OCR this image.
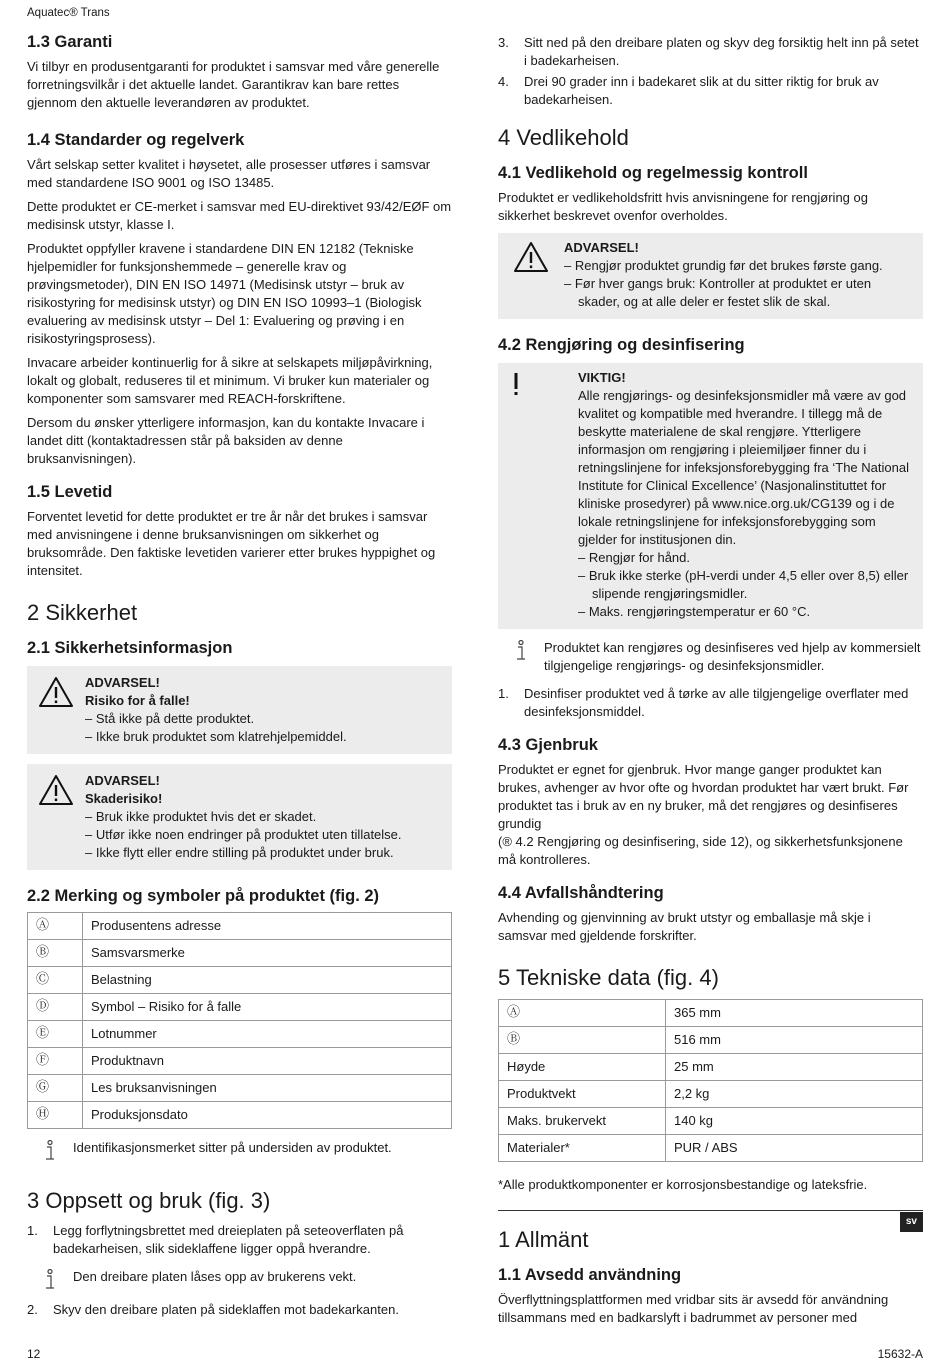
Aquatec® Trans
1.3 Garanti

Vi tilbyr en produsentgaranti for produktet i samsvar med våre generelle forretningsvilkår i det aktuelle landet. Garantikrav kan bare rettes gjennom den aktuelle leverandøren av produktet.

1.4 Standarder og regelverk

Vårt selskap setter kvalitet i høysetet, alle prosesser utføres i samsvar med standardene ISO 9001 og ISO 13485.

Dette produktet er CE-merket i samsvar med EU-direktivet 93/42/EØF om medisinsk utstyr, klasse I.

Produktet oppfyller kravene i standardene DIN EN 12182 (Tekniske hjelpemidler for funksjonshemmede – generelle krav og prøvingsmetoder), DIN EN ISO 14971 (Medisinsk utstyr – bruk av risikostyring for medisinsk utstyr) og DIN EN ISO 10993–1 (Biologisk evaluering av medisinsk utstyr – Del 1: Evaluering og prøving i en risikostyringsprosess).

Invacare arbeider kontinuerlig for å sikre at selskapets miljøpåvirkning, lokalt og globalt, reduseres til et minimum. Vi bruker kun materialer og komponenter som samsvarer med REACH-forskriftene.

Dersom du ønsker ytterligere informasjon, kan du kontakte Invacare i landet ditt (kontaktadressen står på baksiden av denne bruksanvisningen).

1.5 Levetid

Forventet levetid for dette produktet er tre år når det brukes i samsvar med anvisningene i denne bruksanvisningen om sikkerhet og bruksområde. Den faktiske levetiden varierer etter brukes hyppighet og intensitet.

2 Sikkerhet
2.1 Sikkerhetsinformasjon
ADVARSEL!
Risiko for å falle!
– Stå ikke på dette produktet.
– Ikke bruk produktet som klatrehjelpemiddel.
ADVARSEL!
Skaderisiko!
– Bruk ikke produktet hvis det er skadet.
– Utfør ikke noen endringer på produktet uten tillatelse.
– Ikke flytt eller endre stilling på produktet under bruk.
2.2 Merking og symboler på produktet (fig. 2)
Ⓐ	Produsentens adresse
Ⓑ	Samsvarsmerke
Ⓒ	Belastning
Ⓓ	Symbol – Risiko for å falle
Ⓔ	Lotnummer
Ⓕ	Produktnavn
Ⓖ	Les bruksanvisningen
Ⓗ	Produksjonsdato
Identifikasjonsmerket sitter på undersiden av produktet.
3 Oppsett og bruk (fig. 3)
1.	Legg forflytningsbrettet med dreieplaten på seteoverflaten på badekarheisen, slik sideklaffene ligger oppå hverandre.
Den dreibare platen låses opp av brukerens vekt.
2.	Skyv den dreibare platen på sideklaffen mot badekarkanten.
3.	Sitt ned på den dreibare platen og skyv deg forsiktig helt inn på setet i badekarheisen.
4.	Drei 90 grader inn i badekaret slik at du sitter riktig for bruk av badekarheisen.
4 Vedlikehold
4.1 Vedlikehold og regelmessig kontroll

Produktet er vedlikeholdsfritt hvis anvisningene for rengjøring og sikkerhet beskrevet ovenfor overholdes.

ADVARSEL!
– Rengjør produktet grundig før det brukes første gang.
– Før hver gangs bruk: Kontroller at produktet er uten skader, og at alle deler er festet slik de skal.
4.2 Rengjøring og desinfisering
VIKTIG!
Alle rengjørings- og desinfeksjonsmidler må være av god kvalitet og kompatible med hverandre. I tillegg må de beskytte materialene de skal rengjøre. Ytterligere informasjon om rengjøring i pleiemiljøer finner du i retningslinjene for infeksjonsforebygging fra ‘The National Institute for Clinical Excellence’ (Nasjonalinstituttet for kliniske prosedyrer) på www.nice.org.uk/CG139 og i de lokale retningslinjene for infeksjonsforebygging som gjelder for institusjonen din.
– Rengjør for hånd.
– Bruk ikke sterke (pH-verdi under 4,5 eller over 8,5) eller slipende rengjøringsmidler.
– Maks. rengjøringstemperatur er 60 °C.
Produktet kan rengjøres og desinfiseres ved hjelp av kommersielt tilgjengelige rengjørings- og desinfeksjonsmidler.
1.	Desinfiser produktet ved å tørke av alle tilgjengelige overflater med desinfeksjonsmiddel.
4.3 Gjenbruk

Produktet er egnet for gjenbruk. Hvor mange ganger produktet kan brukes, avhenger av hvor ofte og hvordan produktet har vært brukt. Før produktet tas i bruk av en ny bruker, må det rengjøres og desinfiseres grundig

(® 4.2 Rengjøring og desinfisering, side 12), og sikkerhetsfunksjonene må kontrolleres.

4.4 Avfallshåndtering

Avhending og gjenvinning av brukt utstyr og emballasje må skje i samsvar med gjeldende forskrifter.

5 Tekniske data (fig. 4)
Ⓐ	365 mm
Ⓑ	516 mm
Høyde	25 mm
Produktvekt	2,2 kg
Maks. brukervekt	140 kg
Materialer*	PUR / ABS

*Alle produktkomponenter er korrosjonsbestandige og lateksfrie.

sv
1 Allmänt
1.1 Avsedd användning

Överflyttningsplattformen med vridbar sits är avsedd för användning tillsammans med en badkarslyft i badrummet av personer med

12	15632-A
